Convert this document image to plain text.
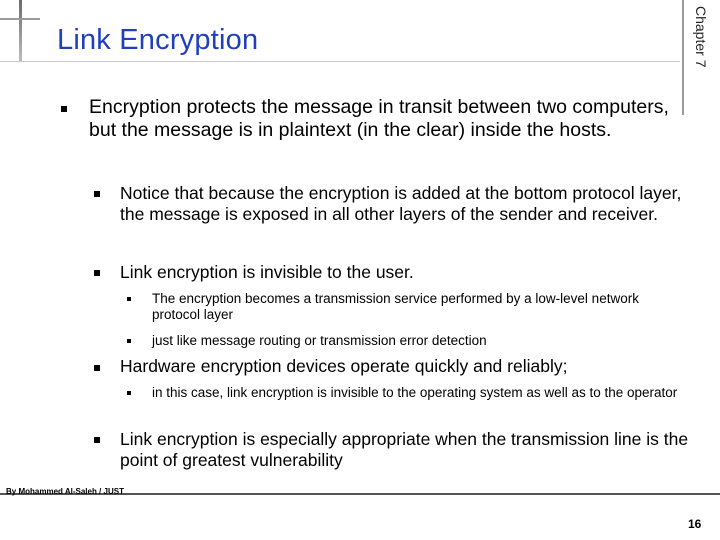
Chapter 7
Link Encryption

Encryption protects the message in transit between two computers, but the message is in plaintext (in the clear) inside the hosts.

Notice that because the encryption is added at the bottom protocol layer, the message is exposed in all other layers of the sender and receiver.

Link encryption is invisible to the user.

The encryption becomes a transmission service performed by a low-level network protocol layer

just like message routing or transmission error detection

Hardware encryption devices operate quickly and reliably;

in this case, link encryption is invisible to the operating system as well as to the operator

Link encryption is especially appropriate when the transmission line is the point of greatest vulnerability

By Mohammed Al-Saleh / JUST
16
